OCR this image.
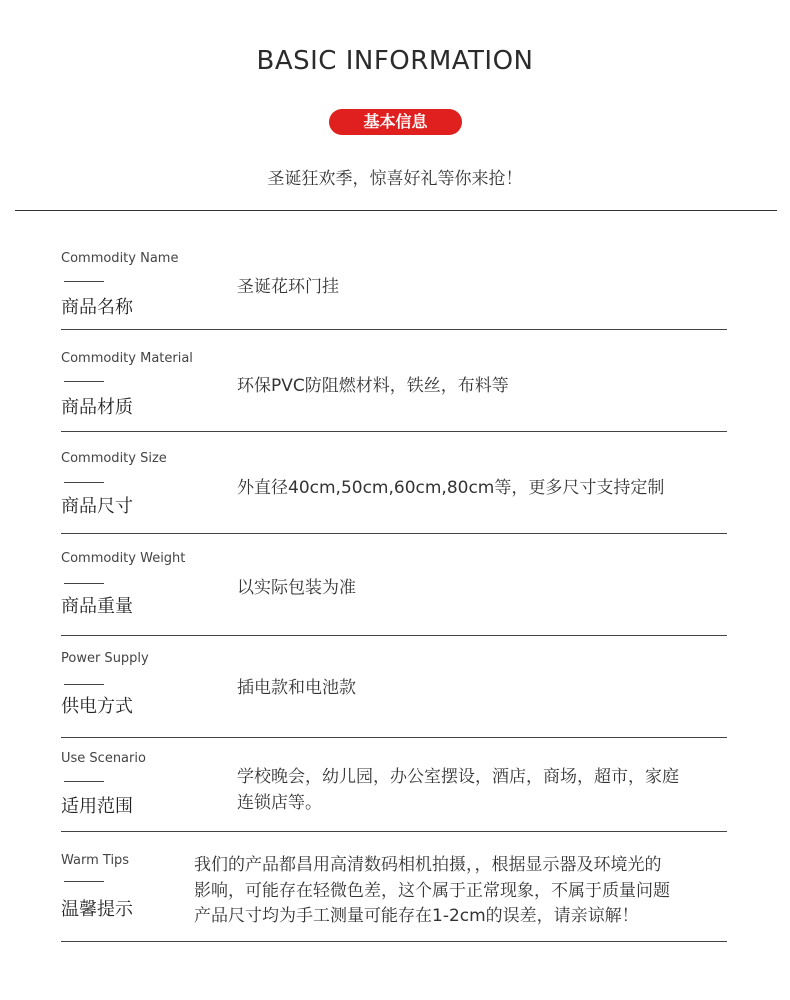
BASIC INFORMATION
基本信息
圣诞狂欢季，惊喜好礼等你来抢！
Commodity Name
商品名称
圣诞花环门挂
Commodity Material
商品材质
环保PVC防阻燃材料，铁丝，布料等
Commodity Size
商品尺寸
外直径40cm,50cm,60cm,80cm等，更多尺寸支持定制
Commodity Weight
商品重量
以实际包装为准
Power Supply
供电方式
插电款和电池款
Use Scenario
适用范围
学校晚会，幼儿园，办公室摆设，酒店，商场，超市，家庭
连锁店等。
Warm Tips
温馨提示
我们的产品都昌用高清数码相机拍摄，，根据显示器及环境光的
影响，可能存在轻微色差，这个属于正常现象，不属于质量问题
产品尺寸均为手工测量可能存在1-2cm的误差，请亲谅解！
